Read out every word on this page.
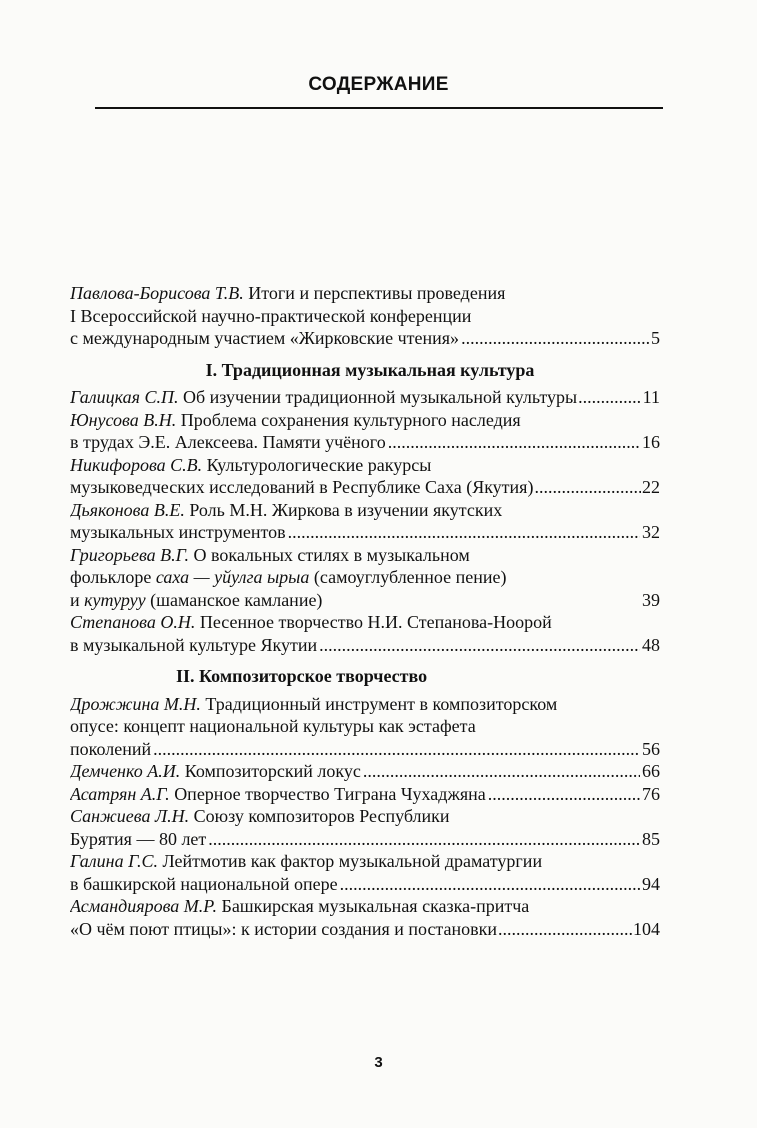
СОДЕРЖАНИЕ
Павлова-Борисова Т.В. Итоги и перспективы проведения
I Всероссийской научно-практической конференции
с международным участием «Жирковские чтения» .....	5
I. Традиционная музыкальная культура
Галицкая С.П. Об изучении традиционной музыкальной культуры .....	11
Юнусова В.Н. Проблема сохранения культурного наследия
в трудах Э.Е. Алексеева. Памяти учёного .....	16
Никифорова С.В. Культурологические ракурсы
музыковедческих исследований в Республике Саха (Якутия) .....	22
Дьяконова В.Е. Роль М.Н. Жиркова в изучении якутских
музыкальных инструментов .....	32
Григорьева В.Г. О вокальных стилях в музыкальном
фольклоре саха — уйулга ырыа (самоуглубленное пение)
и кутуруу (шаманское камлание)	39
Степанова О.Н. Песенное творчество Н.И. Степанова-Ноорой
в музыкальной культуре Якутии .....	48
II. Композиторское творчество
Дрожжина М.Н. Традиционный инструмент в композиторском
опусе: концепт национальной культуры как эстафета
поколений .....	56
Демченко А.И. Композиторский локус .....	66
Асатрян А.Г. Оперное творчество Тиграна Чухаджяна .....	76
Санжиева Л.Н. Союзу композиторов Республики
Бурятия — 80 лет .....	85
Галина Г.С. Лейтмотив как фактор музыкальной драматургии
в башкирской национальной опере .....	94
Асмандиярова М.Р. Башкирская музыкальная сказка-притча
«О чём поют птицы»: к истории создания и постановки .....	104
3
